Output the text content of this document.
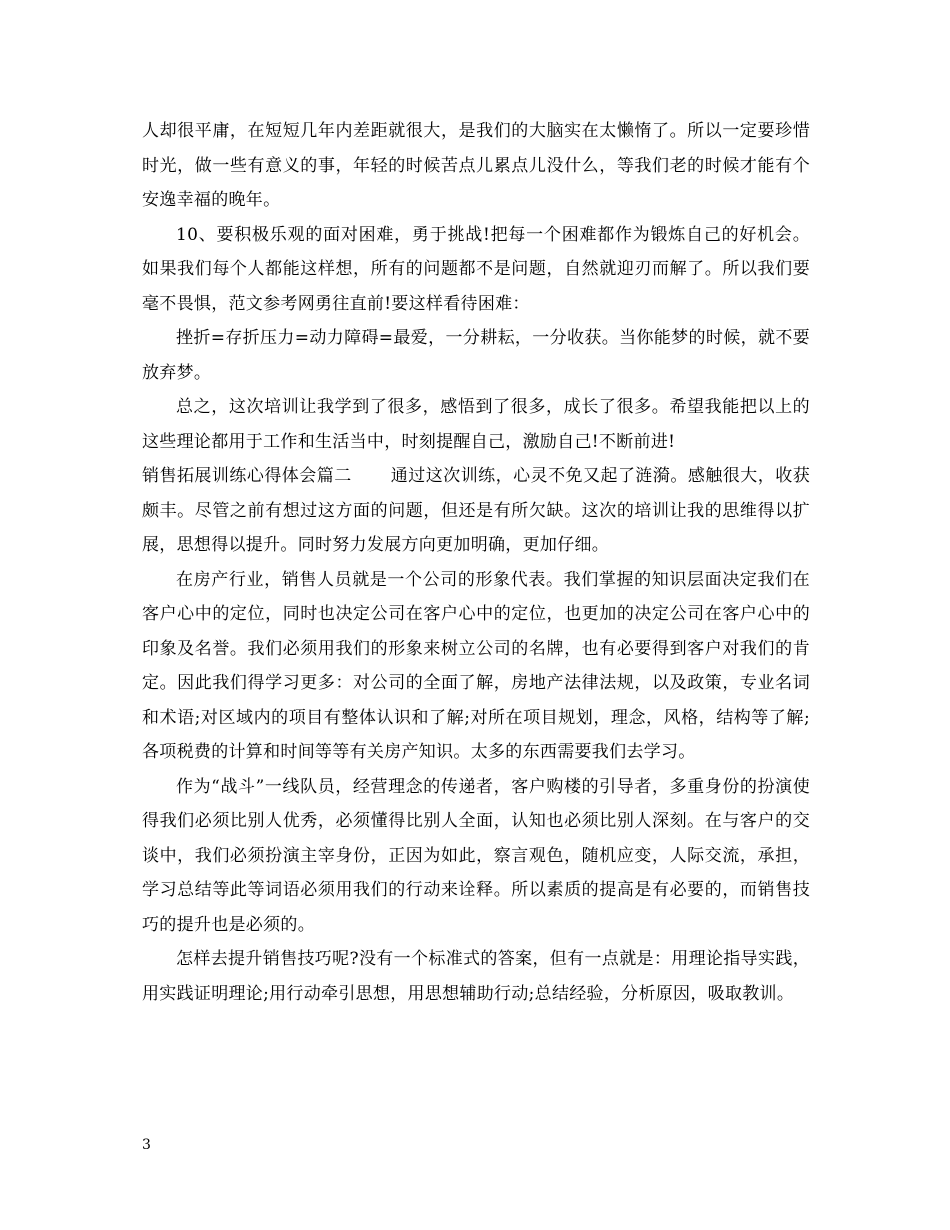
人却很平庸，在短短几年内差距就很大，是我们的大脑实在太懒惰了。所以一定要珍惜时光，做一些有意义的事，年轻的时候苦点儿累点儿没什么，等我们老的时候才能有个安逸幸福的晚年。

10、要积极乐观的面对困难，勇于挑战!把每一个困难都作为锻炼自己的好机会。如果我们每个人都能这样想，所有的问题都不是问题，自然就迎刃而解了。所以我们要毫不畏惧，范文参考网勇往直前!要这样看待困难：

挫折=存折压力=动力障碍=最爱，一分耕耘，一分收获。当你能梦的时候，就不要放弃梦。

总之，这次培训让我学到了很多，感悟到了很多，成长了很多。希望我能把以上的这些理论都用于工作和生活当中，时刻提醒自己，激励自己!不断前进!

销售拓展训练心得体会篇二 通过这次训练，心灵不免又起了涟漪。感触很大，收获颇丰。尽管之前有想过这方面的问题，但还是有所欠缺。这次的培训让我的思维得以扩展，思想得以提升。同时努力发展方向更加明确，更加仔细。

在房产行业，销售人员就是一个公司的形象代表。我们掌握的知识层面决定我们在客户心中的定位，同时也决定公司在客户心中的定位，也更加的决定公司在客户心中的印象及名誉。我们必须用我们的形象来树立公司的名牌，也有必要得到客户对我们的肯定。因此我们得学习更多：对公司的全面了解，房地产法律法规，以及政策，专业名词和术语;对区域内的项目有整体认识和了解;对所在项目规划，理念，风格，结构等了解;各项税费的计算和时间等等有关房产知识。太多的东西需要我们去学习。

作为“战斗”一线队员，经营理念的传递者，客户购楼的引导者，多重身份的扮演使得我们必须比别人优秀，必须懂得比别人全面，认知也必须比别人深刻。在与客户的交谈中，我们必须扮演主宰身份，正因为如此，察言观色，随机应变，人际交流，承担，学习总结等此等词语必须用我们的行动来诠释。所以素质的提高是有必要的，而销售技巧的提升也是必须的。

怎样去提升销售技巧呢?没有一个标准式的答案，但有一点就是：用理论指导实践，用实践证明理论;用行动牵引思想，用思想辅助行动;总结经验，分析原因，吸取教训。

3
